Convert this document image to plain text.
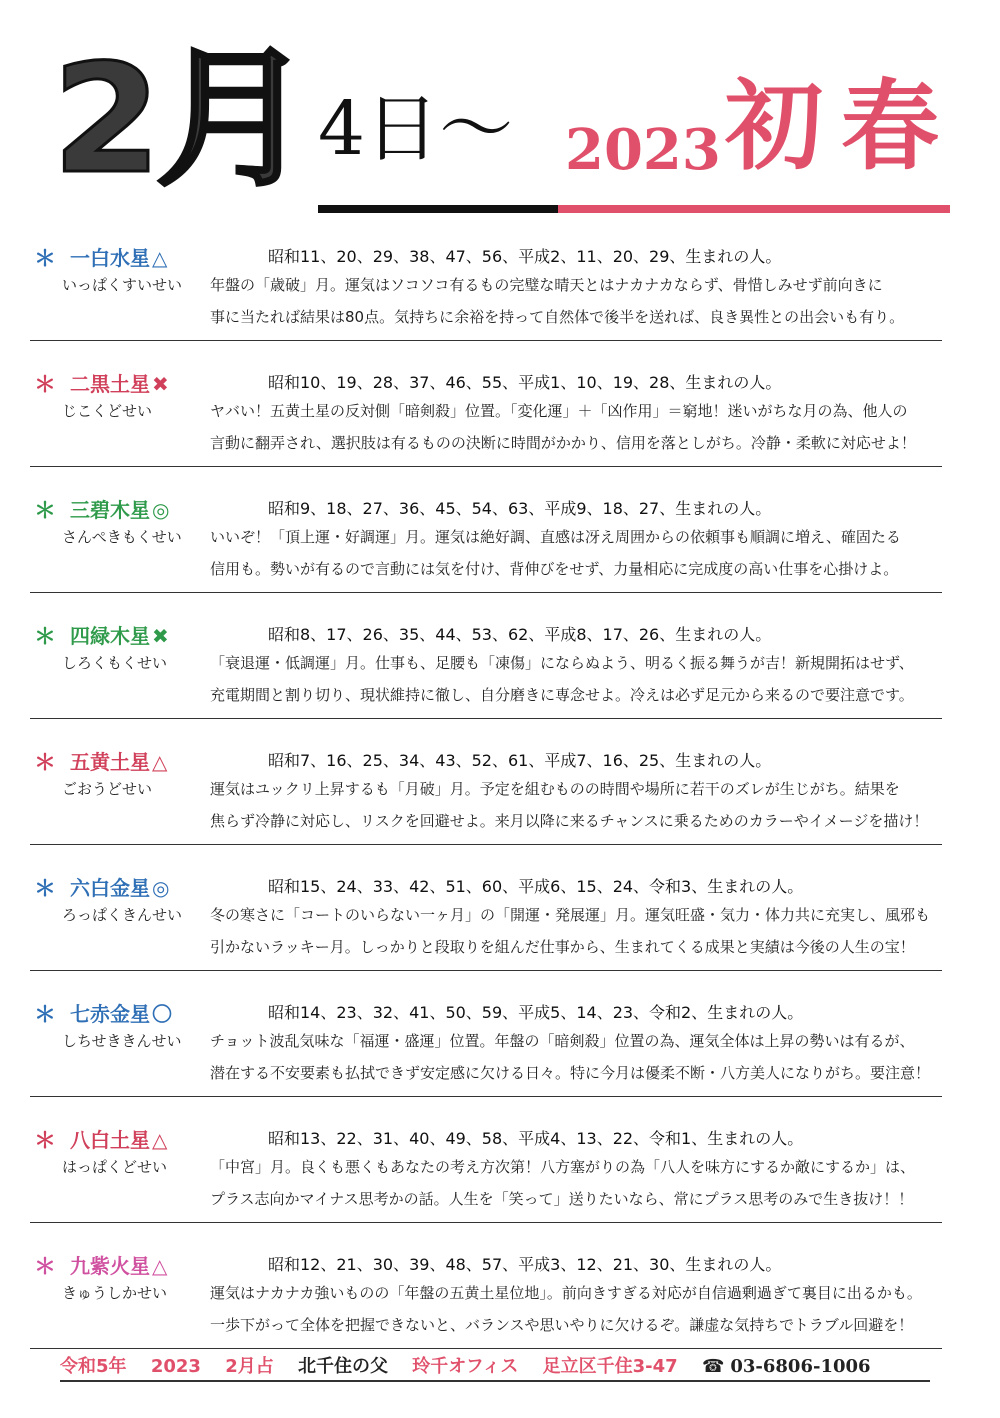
2月 4日～ 2023 初春
＊ 一白水星 △	昭和11、20、29、38、47、56、平成2、11、20、29、生まれの人。
いっぱくすいせい 年盤の「歳破」月。運気はソコソコ有るもの完璧な晴天とはナカナカならず、骨惜しみせず前向きに
事に当たれば結果は80点。気持ちに余裕を持って自然体で後半を送れば、良き異性との出会いも有り。
＊ 二黒土星 ✖	昭和10、19、28、37、46、55、平成1、10、19、28、生まれの人。
じこくどせい	ヤバい！五黄土星の反対側「暗剣殺」位置。「変化運」＋「凶作用」＝窮地！迷いがちな月の為、他人の
言動に翻弄され、選択肢は有るものの決断に時間がかかり、信用を落としがち。冷静・柔軟に対応せよ！
＊ 三碧木星 ◎	昭和9、18、27、36、45、54、63、平成9、18、27、生まれの人。
さんぺきもくせい いいぞ！「頂上運・好調運」月。運気は絶好調、直感は冴え周囲からの依頼事も順調に増え、確固たる
信用も。勢いが有るので言動には気を付け、背伸びをせず、力量相応に完成度の高い仕事を心掛けよ。
＊ 四緑木星 ✖	昭和8、17、26、35、44、53、62、平成8、17、26、生まれの人。
しろくもくせい	「衰退運・低調運」月。仕事も、足腰も「凍傷」にならぬよう、明るく振る舞うが吉！新規開拓はせず、
充電期間と割り切り、現状維持に徹し、自分磨きに専念せよ。冷えは必ず足元から来るので要注意です。
＊ 五黄土星 △	昭和7、16、25、34、43、52、61、平成7、16、25、生まれの人。
ごおうどせい	運気はユックリ上昇するも「月破」月。予定を組むものの時間や場所に若干のズレが生じがち。結果を
焦らず冷静に対応し、リスクを回避せよ。来月以降に来るチャンスに乗るためのカラーやイメージを描け！
＊ 六白金星 ◎	昭和15、24、33、42、51、60、平成6、15、24、令和3、生まれの人。
ろっぱくきんせい 冬の寒さに「コートのいらない一ヶ月」の「開運・発展運」月。運気旺盛・気力・体力共に充実し、風邪も
引かないラッキー月。しっかりと段取りを組んだ仕事から、生まれてくる成果と実績は今後の人生の宝！
＊ 七赤金星 〇	昭和14、23、32、41、50、59、平成5、14、23、令和2、生まれの人。
しちせききんせい チョット波乱気味な「福運・盛運」位置。年盤の「暗剣殺」位置の為、運気全体は上昇の勢いは有るが、
潜在する不安要素も払拭できず安定感に欠ける日々。特に今月は優柔不断・八方美人になりがち。要注意！
＊ 八白土星 △	昭和13、22、31、40、49、58、平成4、13、22、令和1、生まれの人。
はっぱくどせい	「中宮」月。良くも悪くもあなたの考え方次第！八方塞がりの為「八人を味方にするか敵にするか」は、
プラス志向かマイナス思考かの話。人生を「笑って」送りたいなら、常にプラス思考のみで生き抜け！！
＊ 九紫火星 △	昭和12、21、30、39、48、57、平成3、12、21、30、生まれの人。
きゅうしかせい	運気はナカナカ強いものの「年盤の五黄土星位地」。前向きすぎる対応が自信過剰過ぎて裏目に出るかも。
一歩下がって全体を把握できないと、バランスや思いやりに欠けるぞ。謙虚な気持ちでトラブル回避を！
令和5年 2023 2月占 北千住の父 玲千オフィス 足立区千住3-47 ☎ 03-6806-1006
